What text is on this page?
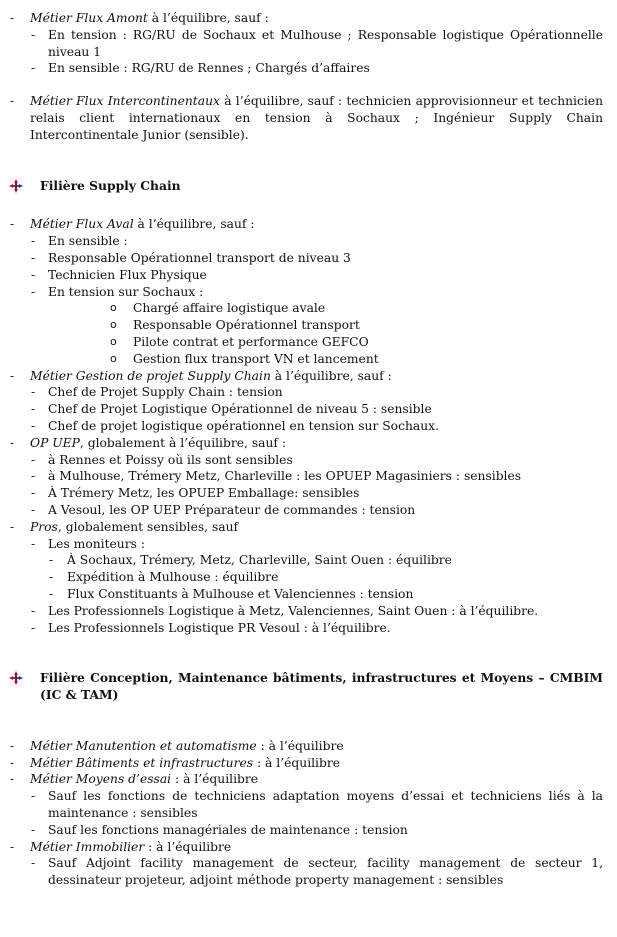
- Métier Flux Amont à l’équilibre, sauf :
- En tension : RG/RU de Sochaux et Mulhouse ; Responsable logistique Opérationnelle niveau 1
- En sensible : RG/RU de Rennes ; Chargés d’affaires
- Métier Flux Intercontinentaux à l’équilibre, sauf : technicien approvisionneur et technicien relais client internationaux en tension à Sochaux ; Ingénieur Supply Chain Intercontinentale Junior (sensible).
Filière Supply Chain
- Métier Flux Aval à l’équilibre, sauf :
- En sensible :
- Responsable Opérationnel transport de niveau 3
- Technicien Flux Physique
- En tension sur Sochaux :
o Chargé affaire logistique avale
o Responsable Opérationnel transport
o Pilote contrat et performance GEFCO
o Gestion flux transport VN et lancement
- Métier Gestion de projet Supply Chain à l’équilibre, sauf :
- Chef de Projet Supply Chain : tension
- Chef de Projet Logistique Opérationnel de niveau 5 : sensible
- Chef de projet logistique opérationnel en tension sur Sochaux.
- OP UEP, globalement à l’équilibre, sauf :
- à Rennes et Poissy où ils sont sensibles
- à Mulhouse, Trémery Metz, Charleville : les OPUEP Magasiniers : sensibles
- À Trémery Metz, les OPUEP Emballage: sensibles
- A Vesoul, les OP UEP Préparateur de commandes : tension
- Pros, globalement sensibles, sauf
- Les moniteurs :
- À Sochaux, Trémery, Metz, Charleville, Saint Ouen : équilibre
- Expédition à Mulhouse : équilibre
- Flux Constituants à Mulhouse et Valenciennes : tension
- Les Professionnels Logistique à Metz, Valenciennes, Saint Ouen : à l’équilibre.
- Les Professionnels Logistique PR Vesoul : à l’équilibre.
Filière Conception, Maintenance bâtiments, infrastructures et Moyens – CMBIM (IC & TAM)
- Métier Manutention et automatisme : à l’équilibre
- Métier Bâtiments et infrastructures : à l’équilibre
- Métier Moyens d’essai : à l’équilibre
- Sauf les fonctions de techniciens adaptation moyens d’essai et techniciens liés à la maintenance : sensibles
- Sauf les fonctions managériales de maintenance : tension
- Métier Immobilier : à l’équilibre
- Sauf Adjoint facility management de secteur, facility management de secteur 1, dessinateur projeteur, adjoint méthode property management : sensibles
